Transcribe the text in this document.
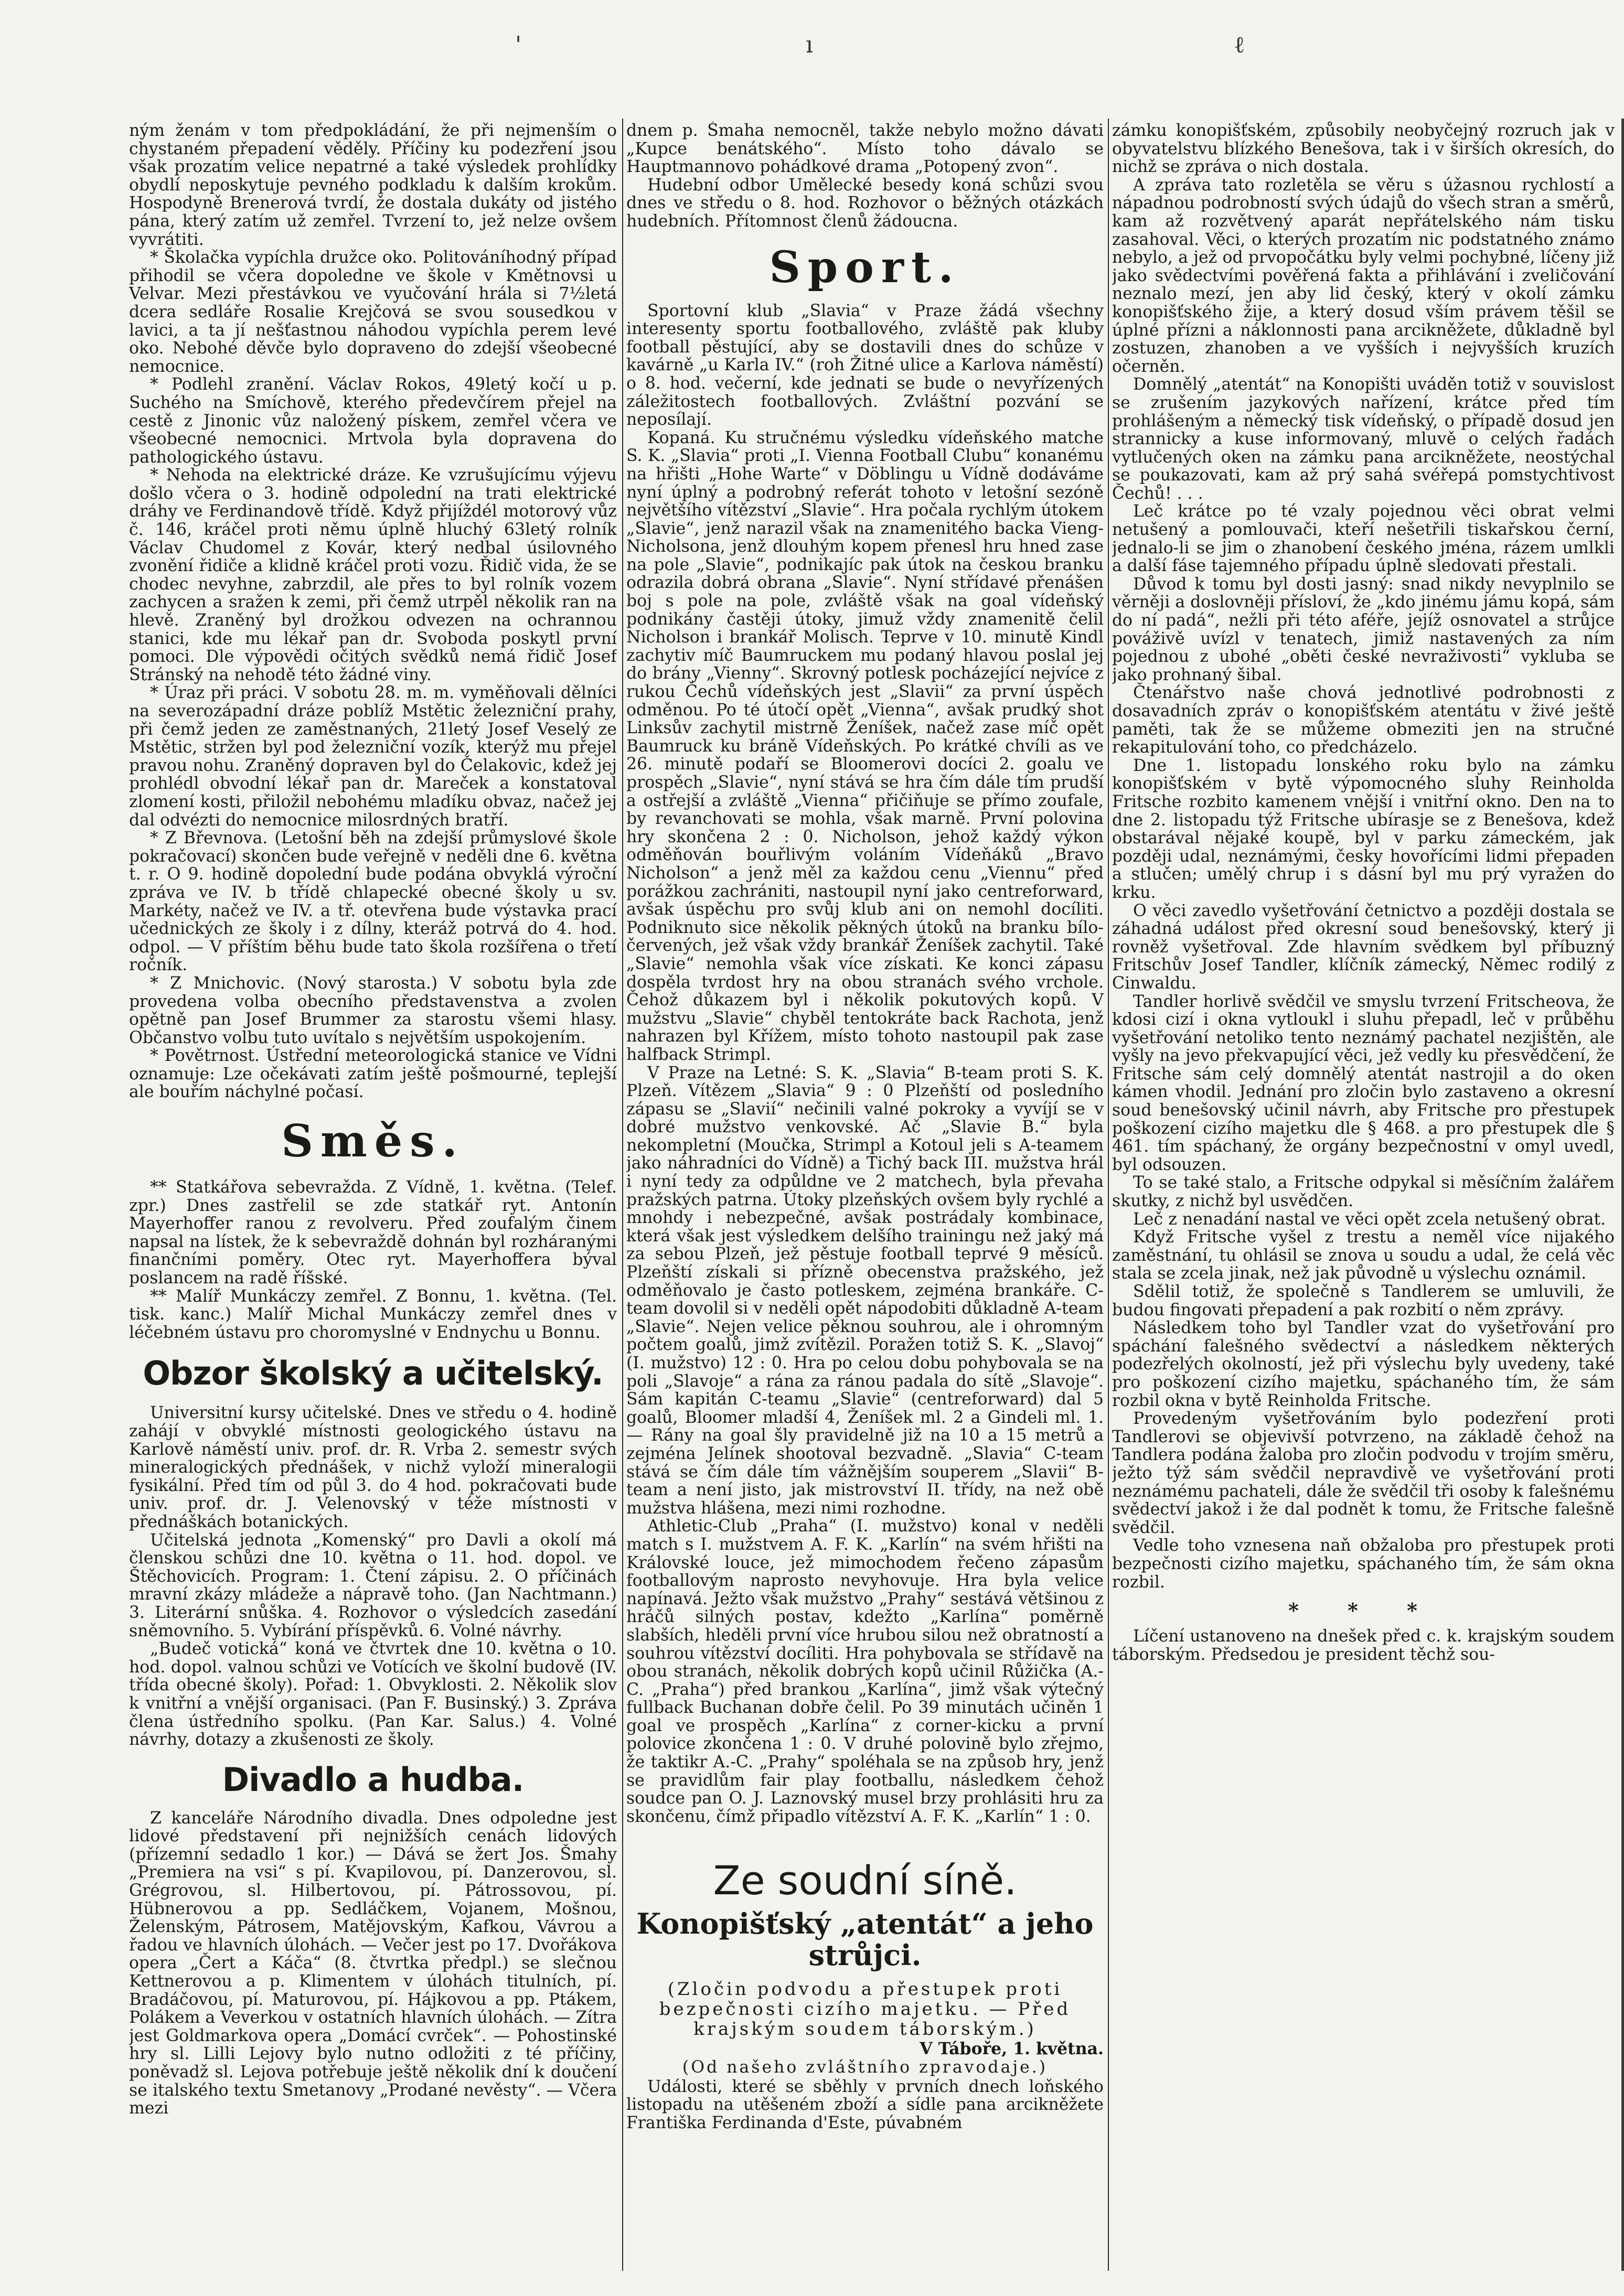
'	ı	ℓ

ným ženám v tom předpokládání, že při nejmenším o chystaném přepadení věděly. Příčiny ku podezření jsou však prozatím velice nepatrné a také výsledek prohlídky obydlí neposkytuje pevného podkladu k dalším krokům. Hospodyně Brenerová tvrdí, že dostala dukáty od jistého pána, který zatím už zemřel. Tvrzení to, jež nelze ovšem vyvrátiti.

* Školačka vypíchla družce oko. Politováníhodný případ přihodil se včera dopoledne ve škole v Kmětnovsi u Velvar. Mezi přestávkou ve vyučování hrála si 7½letá dcera sedláře Rosalie Krejčová se svou sousedkou v lavici, a ta jí nešťastnou náhodou vypíchla perem levé oko. Nebohé děvče bylo dopraveno do zdejší všeobecné nemocnice.

* Podlehl zranění. Václav Rokos, 49letý kočí u p. Suchého na Smíchově, kterého předevčírem přejel na cestě z Jinonic vůz naložený pískem, zemřel včera ve všeobecné nemocnici. Mrtvola byla dopravena do pathologického ústavu.

* Nehoda na elektrické dráze. Ke vzrušujícímu výjevu došlo včera o 3. hodině odpolední na trati elektrické dráhy ve Ferdinandově třídě. Když přijíždél motorový vůz č. 146, kráčel proti němu úplně hluchý 63letý rolník Václav Chudomel z Kovár, který nedbal úsilovného zvonění řidiče a klidně kráčel proti vozu. Řidič vida, že se chodec nevyhne, zabrzdil, ale přes to byl rolník vozem zachycen a sražen k zemi, při čemž utrpěl několik ran na hlevě. Zraněný byl drožkou odvezen na ochrannou stanici, kde mu lékař pan dr. Svoboda poskytl první pomoci. Dle výpovědi očitých svědků nemá řidič Josef Stránský na nehodě této žádné viny.

* Úraz při práci. V sobotu 28. m. m. vyměňovali dělníci na severozápadní dráze poblíž Mstětic železniční prahy, při čemž jeden ze zaměstnaných, 21letý Josef Veselý ze Mstětic, stržen byl pod železniční vozík, kterýž mu přejel pravou nohu. Zraněný dopraven byl do Čelakovic, kdež jej prohlédl obvodní lékař pan dr. Mareček a konstatoval zlomení kosti, přiložil nebohému mladíku obvaz, načež jej dal odvézti do nemocnice milosrdných bratří.

* Z Břevnova. (Letošní běh na zdejší průmyslové škole pokračovací) skončen bude veřejně v neděli dne 6. května t. r. O 9. hodině dopolední bude podána obvyklá výroční zpráva ve IV. b třídě chlapecké obecné školy u sv. Markéty, načež ve IV. a tř. otevřena bude výstavka prací učednických ze školy i z dílny, kteráž potrvá do 4. hod. odpol. — V příštím běhu bude tato škola rozšířena o třetí ročník.

* Z Mnichovic. (Nový starosta.) V sobotu byla zde provedena volba obecního představenstva a zvolen opětně pan Josef Brummer za starostu všemi hlasy. Občanstvo volbu tuto uvítalo s největším uspokojením.

* Povětrnost. Ústřední meteorologická stanice ve Vídni oznamuje: Lze očekávati zatím ještě pošmourné, teplejší ale bouřím náchylné počasí.

Směs.

** Statkářova sebevražda. Z Vídně, 1. května. (Telef. zpr.) Dnes zastřelil se zde statkář ryt. Antonín Mayerhoffer ranou z revolveru. Před zoufalým činem napsal na lístek, že k sebevraždě dohnán byl rozháranými finančními poměry. Otec ryt. Mayerhoffera býval poslancem na radě říšské.

** Malíř Munkáczy zemřel. Z Bonnu, 1. května. (Tel. tisk. kanc.) Malíř Michal Munkáczy zemřel dnes v léčebném ústavu pro choromyslné v Endnychu u Bonnu.

Obzor školský a učitelský.

Universitní kursy učitelské. Dnes ve středu o 4. hodině zahájí v obvyklé místnosti geologického ústavu na Karlově náměstí univ. prof. dr. R. Vrba 2. semestr svých mineralogických přednášek, v nichž vyloží mineralogii fysikální. Před tím od půl 3. do 4 hod. pokračovati bude univ. prof. dr. J. Velenovský v téže místnosti v přednáškách botanických.

Učitelská jednota „Komenský“ pro Davli a okolí má členskou schůzi dne 10. května o 11. hod. dopol. ve Štěchovicích. Program: 1. Čtení zápisu. 2. O příčinách mravní zkázy mládeže a nápravě toho. (Jan Nachtmann.) 3. Literární snůška. 4. Rozhovor o výsledcích zasedání sněmovního. 5. Vybírání příspěvků. 6. Volné návrhy.

„Budeč votická“ koná ve čtvrtek dne 10. května o 10. hod. dopol. valnou schůzi ve Votících ve školní budově (IV. třída obecné školy). Pořad: 1. Obvyklosti. 2. Několik slov k vnitřní a vnější organisaci. (Pan F. Businský.) 3. Zpráva člena ústředního spolku. (Pan Kar. Salus.) 4. Volné návrhy, dotazy a zkušenosti ze školy.

Divadlo a hudba.

Z kanceláře Národního divadla. Dnes odpoledne jest lidové představení při nejnižších cenách lidových (přízemní sedadlo 1 kor.) — Dává se žert Jos. Šmahy „Premiera na vsi“ s pí. Kvapilovou, pí. Danzerovou, sl. Grégrovou, sl. Hilbertovou, pí. Pátrossovou, pí. Hübnerovou a pp. Sedláčkem, Vojanem, Mošnou, Želenským, Pátrosem, Matějovským, Kafkou, Vávrou a řadou ve hlavních úlohách. — Večer jest po 17. Dvořákova opera „Čert a Káča“ (8. čtvrtka předpl.) se slečnou Kettnerovou a p. Klimentem v úlohách titulních, pí. Bradáčovou, pí. Maturovou, pí. Hájkovou a pp. Ptákem, Polákem a Veverkou v ostatních hlavních úlohách. — Zítra jest Goldmarkova opera „Domácí cvrček“. — Pohostinské hry sl. Lilli Lejovy bylo nutno odložiti z té příčiny, poněvadž sl. Lejova potřebuje ještě několik dní k doučení se italského textu Smetanovy „Prodané nevěsty“. — Včera mezi

dnem p. Šmaha nemocněl, takže nebylo možno dávati „Kupce benátského“. Místo toho dávalo se Hauptmannovo pohádkové drama „Potopený zvon“.

Hudební odbor Umělecké besedy koná schůzi svou dnes ve středu o 8. hod. Rozhovor o běžných otázkách hudebních. Přítomnost členů žádoucna.

Sport.

Sportovní klub „Slavia“ v Praze žádá všechny interesenty sportu footballového, zvláště pak kluby football pěstující, aby se dostavili dnes do schůze v kavárně „u Karla IV.“ (roh Žitné ulice a Karlova náměstí) o 8. hod. večerní, kde jednati se bude o nevyřízených záležitostech footballových. Zvláštní pozvání se neposílají.

Kopaná. Ku stručnému výsledku vídeňského matche S. K. „Slavia“ proti „I. Vienna Football Clubu“ konanému na hřišti „Hohe Warte“ v Döblingu u Vídně dodáváme nyní úplný a podrobný referát tohoto v letošní sezóně největšího vítězství „Slavie“. Hra počala rychlým útokem „Slavie“, jenž narazil však na znamenitého backa Vieng-Nicholsona, jenž dlouhým kopem přenesl hru hned zase na pole „Slavie“, podnikajíc pak útok na českou branku odrazila dobrá obrana „Slavie“. Nyní střídavé přenášen boj s pole na pole, zvláště však na goal vídeňský podnikány častěji útoky, jimuž vždy znamenitě čelil Nicholson i brankář Molisch. Teprve v 10. minutě Kindl zachytiv míč Baumruckem mu podaný hlavou poslal jej do brány „Vienny“. Skrovný potlesk pocházející nejvíce z rukou Čechů vídeňských jest „Slavii“ za první úspěch odměnou. Po té útočí opět „Vienna“, avšak prudký shot Linksův zachytil mistrně Ženíšek, načež zase míč opět Baumruck ku bráně Vídeňských. Po krátké chvíli as ve 26. minutě podaří se Bloomerovi docíci 2. goalu ve prospěch „Slavie“, nyní stává se hra čím dále tím prudší a ostřejší a zvláště „Vienna“ přičiňuje se přímo zoufale, by revanchovati se mohla, však marně. První polovina hry skončena 2 : 0. Nicholson, jehož každý výkon odměňován bouřlivým voláním Vídeňáků „Bravo Nicholson“ a jenž měl za každou cenu „Viennu“ před porážkou zachrániti, nastoupil nyní jako centreforward, avšak úspěchu pro svůj klub ani on nemohl docíliti. Podniknuto sice několik pěkných útoků na branku bílo-červených, jež však vždy brankář Ženíšek zachytil. Také „Slavie“ nemohla však více získati. Ke konci zápasu dospěla tvrdost hry na obou stranách svého vrchole. Čehož důkazem byl i několik pokutových kopů. V mužstvu „Slavie“ chyběl tentokráte back Rachota, jenž nahrazen byl Křížem, místo tohoto nastoupil pak zase halfback Strimpl.

V Praze na Letné: S. K. „Slavia“ B-team proti S. K. Plzeň. Vítězem „Slavia“ 9 : 0 Plzeňští od posledního zápasu se „Slavií“ nečinili valné pokroky a vyvíjí se v dobré mužstvo venkovské. Ač „Slavie B.“ byla nekompletní (Moučka, Strimpl a Kotoul jeli s A-teamem jako náhradníci do Vídně) a Tichý back III. mužstva hrál i nyní tedy za odpůldne ve 2 matchech, byla převaha pražských patrna. Útoky plzeňských ovšem byly rychlé a mnohdy i nebezpečné, avšak postrádaly kombinace, která však jest výsledkem delšího trainingu než jaký má za sebou Plzeň, jež pěstuje football teprvé 9 měsíců. Plzeňští získali si přízně obecenstva pražského, jež odměňovalo je často potleskem, zejména brankáře. C-team dovolil si v neděli opět nápodobiti důkladně A-team „Slavie“. Nejen velice pěknou souhrou, ale i ohromným počtem goalů, jimž zvítězil. Poražen totiž S. K. „Slavoj“ (I. mužstvo) 12 : 0. Hra po celou dobu pohybovala se na poli „Slavoje“ a rána za ránou padala do sítě „Slavoje“. Sám kapitán C-teamu „Slavie“ (centreforward) dal 5 goalů, Bloomer mladší 4, Ženíšek ml. 2 a Gindeli ml. 1. — Rány na goal šly pravidelně již na 10 a 15 metrů a zejména Jelínek shootoval bezvadně. „Slavia“ C-team stává se čím dále tím vážnějším souperem „Slavii“ B-team a není jisto, jak mistrovství II. třídy, na než obě mužstva hlášena, mezi nimi rozhodne.

Athletic-Club „Praha“ (I. mužstvo) konal v neděli match s I. mužstvem A. F. K. „Karlín“ na svém hřišti na Královské louce, jež mimochodem řečeno zápasům footballovým naprosto nevyhovuje. Hra byla velice napínavá. Ježto však mužstvo „Prahy“ sestává většinou z hráčů silných postav, kdežto „Karlína“ poměrně slabších, hleděli první více hrubou silou než obratností a souhrou vítězství docíliti. Hra pohybovala se střídavě na obou stranách, několik dobrých kopů učinil Růžička (A.-C. „Praha“) před brankou „Karlína“, jimž však výtečný fullback Buchanan dobře čelil. Po 39 minutách učiněn 1 goal ve prospěch „Karlína“ z corner-kicku a první polovice zkončena 1 : 0. V druhé polovině bylo zřejmo, že taktikr A.-C. „Prahy“ spoléhala se na způsob hry, jenž se pravidlům fair play footballu, následkem čehož soudce pan O. J. Laznovský musel brzy prohlásiti hru za skončenu, čímž připadlo vítězství A. F. K. „Karlín“ 1 : 0.

Ze soudní síně.
Konopišťský „atentát“ a jeho strůjci.
(Zločin podvodu a přestupek proti bezpečnosti cizího majetku. — Před krajským soudem táborským.)
V Táboře, 1. května.
(Od našeho zvláštního zpravodaje.)

Události, které se sběhly v prvních dnech loňského listopadu na utěšeném zboží a sídle pana arcikněžete Františka Ferdinanda d'Este, púvabném

zámku konopišťském, způsobily neobyčejný rozruch jak v obyvatelstvu blízkého Benešova, tak i v širších okresích, do nichž se zpráva o nich dostala.

A zpráva tato rozletěla se věru s úžasnou rychlostí a nápadnou podrobností svých údajů do všech stran a směrů, kam až rozvětvený aparát nepřátelského nám tisku zasahoval. Věci, o kterých prozatím nic podstatného známo nebylo, a jež od prvopočátku byly velmi pochybné, líčeny již jako svědectvími pověřená fakta a přihlávání i zveličování neznalo mezí, jen aby lid český, který v okolí zámku konopišťského žije, a který dosud vším právem těšil se úplné přízni a náklonnosti pana arcikněžete, důkladně byl zostuzen, zhanoben a ve vyšších i nejvyšších kruzích očerněn.

Domnělý „atentát“ na Konopišti uváděn totiž v souvislost se zrušením jazykových nařízení, krátce před tím prohlášeným a německý tisk vídeňský, o případě dosud jen strannicky a kuse informovaný, mluvě o celých řadách vytlučených oken na zámku pana arcikněžete, neostýchal se poukazovati, kam až prý sahá svéřepá pomstychtivost Čechů! . . .

Leč krátce po té vzaly pojednou věci obrat velmi netušený a pomlouvači, kteří nešetřili tiskařskou černí, jednalo-li se jim o zhanobení českého jména, rázem umlkli a další fáse tajemného případu úplně sledovati přestali.

Důvod k tomu byl dosti jasný: snad nikdy nevyplnilo se věrněji a doslovněji přísloví, že „kdo jinému jámu kopá, sám do ní padá“, nežli při této aféře, jejíž osnovatel a strůjce pováživě uvízl v tenatech, jimiž nastavených za ním pojednou z ubohé „oběti české nevraživosti“ vykluba se jako prohnaný šibal.

Čtenářstvo naše chová jednotlivé podrobnosti z dosavadních zpráv o konopišťském atentátu v živé ještě paměti, tak že se můžeme obmeziti jen na stručné rekapitulování toho, co předcházelo.

Dne 1. listopadu lonského roku bylo na zámku konopišťském v bytě výpomocného sluhy Reinholda Fritsche rozbito kamenem vnější i vnitřní okno. Den na to dne 2. listopadu týž Fritsche ubírasje se z Benešova, kdež obstarával nějaké koupě, byl v parku zámeckém, jak později udal, neznámými, česky hovořícími lidmi přepaden a stlučen; umělý chrup i s dásní byl mu prý vyražen do krku.

O věci zavedlo vyšetřování četnictvo a později dostala se záhadná událost před okresní soud benešovský, který ji rovněž vyšetřoval. Zde hlavním svědkem byl příbuzný Fritschův Josef Tandler, klíčník zámecký, Němec rodilý z Cinwaldu.

Tandler horlivě svědčil ve smyslu tvrzení Fritscheova, že kdosi cizí i okna vytloukl i sluhu přepadl, leč v průběhu vyšetřování netoliko tento neznámý pachatel nezjištěn, ale vyšly na jevo překvapující věci, jež vedly ku přesvědčení, že Fritsche sám celý domnělý atentát nastrojil a do oken kámen vhodil. Jednání pro zločin bylo zastaveno a okresní soud benešovský učinil návrh, aby Fritsche pro přestupek poškození cizího majetku dle § 468. a pro přestupek dle § 461. tím spáchaný, že orgány bezpečnostní v omyl uvedl, byl odsouzen.

To se také stalo, a Fritsche odpykal si měsíčním žalářem skutky, z nichž byl usvědčen.

Leč z nenadání nastal ve věci opět zcela netušený obrat.

Když Fritsche vyšel z trestu a neměl více nijakého zaměstnání, tu ohlásil se znova u soudu a udal, že celá věc stala se zcela jinak, než jak původně u výslechu oznámil.

Sdělil totiž, že společně s Tandlerem se umluvili, že budou fingovati přepadení a pak rozbití o něm zprávy.

Následkem toho byl Tandler vzat do vyšetřování pro spáchání falešného svědectví a následkem některých podezřelých okolností, jež při výslechu byly uvedeny, také pro poškození cizího majetku, spáchaného tím, že sám rozbil okna v bytě Reinholda Fritsche.

Provedeným vyšetřováním bylo podezření proti Tandlerovi se objevivší potvrzeno, na základě čehož na Tandlera podána žaloba pro zločin podvodu v trojím směru, ježto týž sám svědčil nepravdivě ve vyšetřování proti neznámému pachateli, dále že svědčil tři osoby k falešnému svědectví jakož i že dal podnět k tomu, že Fritsche falešně svědčil.

Vedle toho vznesena naň obžaloba pro přestupek proti bezpečnosti cizího majetku, spáchaného tím, že sám okna rozbil.

* * *

Líčení ustanoveno na dnešek před c. k. krajským soudem táborským. Předsedou je president těchž sou-
